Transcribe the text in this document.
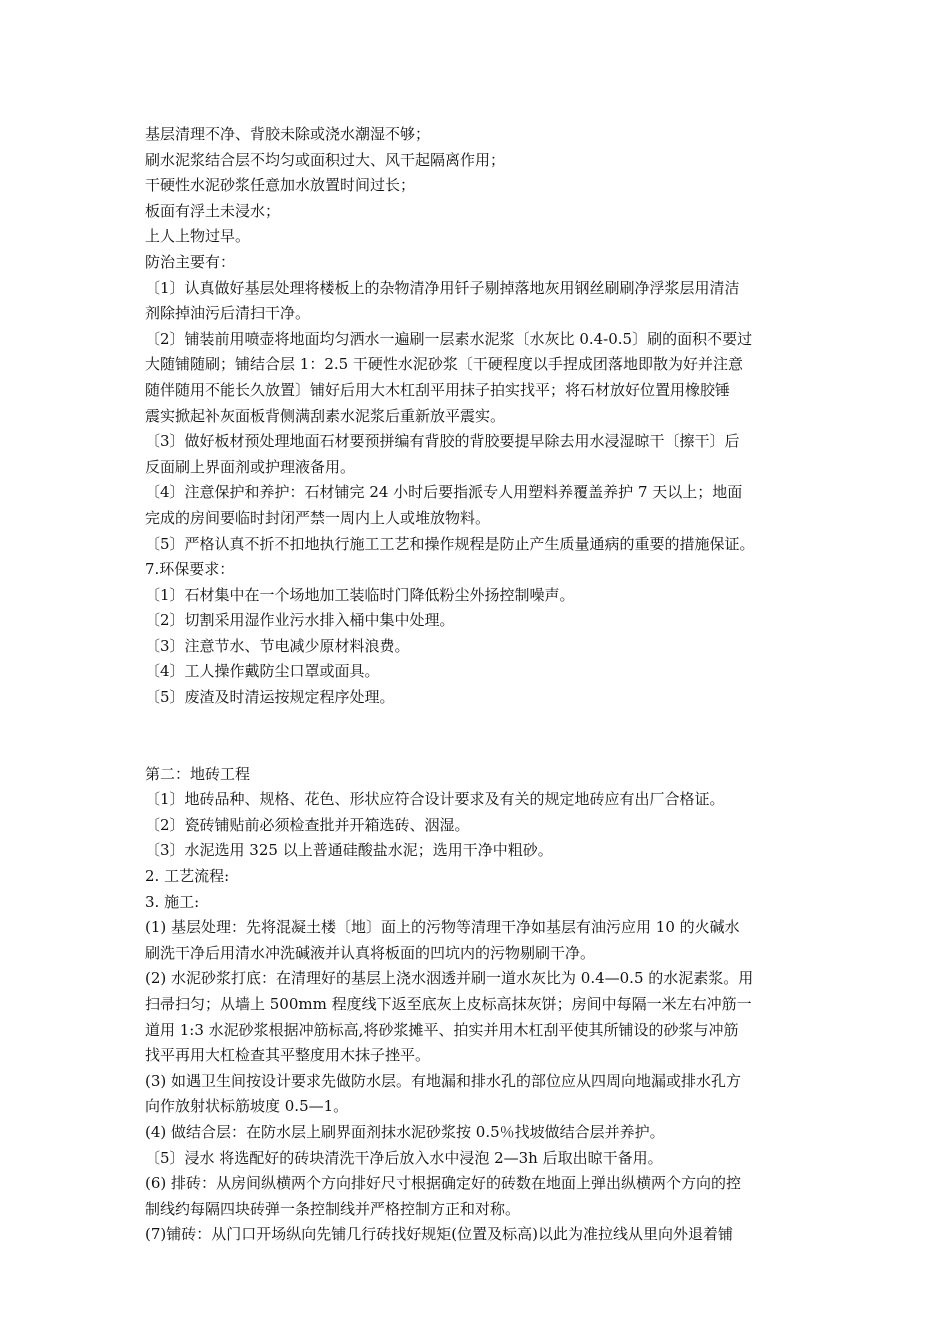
基层清理不净、背胶未除或浇水潮湿不够；
刷水泥浆结合层不均匀或面积过大、风干起隔离作用；
干硬性水泥砂浆任意加水放置时间过长；
板面有浮土未浸水；
上人上物过早。
防治主要有：
〔1〕认真做好基层处理将楼板上的杂物清净用钎子剔掉落地灰用钢丝刷刷净浮浆层用清洁
剂除掉油污后清扫干净。
〔2〕铺装前用喷壶将地面均匀洒水一遍刷一层素水泥浆〔水灰比 0.4-0.5〕刷的面积不要过
大随铺随刷；铺结合层 1：2.5 干硬性水泥砂浆〔干硬程度以手捏成团落地即散为好并注意
随伴随用不能长久放置〕铺好后用大木杠刮平用抹子拍实找平；将石材放好位置用橡胶锤
震实掀起补灰面板背侧满刮素水泥浆后重新放平震实。
〔3〕做好板材预处理地面石材要预拼编有背胶的背胶要提早除去用水浸湿晾干〔擦干〕后
反面刷上界面剂或护理液备用。
〔4〕注意保护和养护：石材铺完 24 小时后要指派专人用塑料养覆盖养护 7 天以上；地面
完成的房间要临时封闭严禁一周内上人或堆放物料。
〔5〕严格认真不折不扣地执行施工工艺和操作规程是防止产生质量通病的重要的措施保证。
7.环保要求：
〔1〕石材集中在一个场地加工装临时门降低粉尘外扬控制噪声。
〔2〕切割采用湿作业污水排入桶中集中处理。
〔3〕注意节水、节电减少原材料浪费。
〔4〕工人操作戴防尘口罩或面具。
〔5〕废渣及时清运按规定程序处理。
第二：地砖工程
〔1〕地砖品种、规格、花色、形状应符合设计要求及有关的规定地砖应有出厂合格证。
〔2〕瓷砖铺贴前必须检查批并开箱选砖、洇湿。
〔3〕水泥选用 325 以上普通硅酸盐水泥；选用干净中粗砂。
2. 工艺流程:
3. 施工:
(1) 基层处理：先将混凝土楼〔地〕面上的污物等清理干净如基层有油污应用 10 的火碱水
刷洗干净后用清水冲洗碱液并认真将板面的凹坑内的污物剔刷干净。
(2) 水泥砂浆打底：在清理好的基层上浇水洇透并刷一道水灰比为 0.4—0.5 的水泥素浆。用
扫帚扫匀；从墙上 500mm 程度线下返至底灰上皮标高抹灰饼；房间中每隔一米左右冲筋一
道用 1:3 水泥砂浆根据冲筋标高,将砂浆摊平、拍实并用木杠刮平使其所铺设的砂浆与冲筋
找平再用大杠检查其平整度用木抹子挫平。
(3) 如遇卫生间按设计要求先做防水层。有地漏和排水孔的部位应从四周向地漏或排水孔方
向作放射状标筋坡度 0.5—1。
(4) 做结合层：在防水层上刷界面剂抹水泥砂浆按 0.5％找坡做结合层并养护。
〔5〕浸水 将选配好的砖块清洗干净后放入水中浸泡 2—3h 后取出晾干备用。
(6) 排砖：从房间纵横两个方向排好尺寸根据确定好的砖数在地面上弹出纵横两个方向的控
制线约每隔四块砖弹一条控制线并严格控制方正和对称。
(7)铺砖：从门口开场纵向先铺几行砖找好规矩(位置及标高)以此为准拉线从里向外退着铺
